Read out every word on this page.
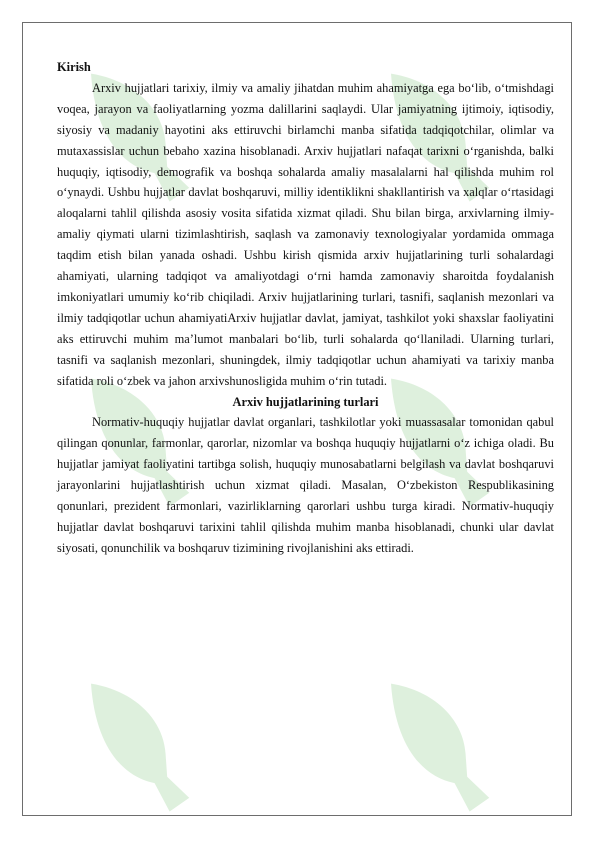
Kirish

Arxiv hujjatlari tarixiy, ilmiy va amaliy jihatdan muhim ahamiyatga ega bo‘lib, o‘tmishdagi voqea, jarayon va faoliyatlarning yozma dalillarini saqlaydi. Ular jamiyatning ijtimoiy, iqtisodiy, siyosiy va madaniy hayotini aks ettiruvchi birlamchi manba sifatida tadqiqotchilar, olimlar va mutaxassislar uchun bebaho xazina hisoblanadi. Arxiv hujjatlari nafaqat tarixni o‘rganishda, balki huquqiy, iqtisodiy, demografik va boshqa sohalarda amaliy masalalarni hal qilishda muhim rol o‘ynaydi. Ushbu hujjatlar davlat boshqaruvi, milliy identiklikni shakllantirish va xalqlar o‘rtasidagi aloqalarni tahlil qilishda asosiy vosita sifatida xizmat qiladi. Shu bilan birga, arxivlarning ilmiy-amaliy qiymati ularni tizimlashtirish, saqlash va zamonaviy texnologiyalar yordamida ommaga taqdim etish bilan yanada oshadi. Ushbu kirish qismida arxiv hujjatlarining turli sohalardagi ahamiyati, ularning tadqiqot va amaliyotdagi o‘rni hamda zamonaviy sharoitda foydalanish imkoniyatlari umumiy ko‘rib chiqiladi. Arxiv hujjatlarining turlari, tasnifi, saqlanish mezonlari va ilmiy tadqiqotlar uchun ahamiyatiArxiv hujjatlar davlat, jamiyat, tashkilot yoki shaxslar faoliyatini aks ettiruvchi muhim ma’lumot manbalari bo‘lib, turli sohalarda qo‘llaniladi. Ularning turlari, tasnifi va saqlanish mezonlari, shuningdek, ilmiy tadqiqotlar uchun ahamiyati va tarixiy manba sifatida roli o‘zbek va jahon arxivshunosligida muhim o‘rin tutadi.

Arxiv hujjatlarining turlari

Normativ-huquqiy hujjatlar davlat organlari, tashkilotlar yoki muassasalar tomonidan qabul qilingan qonunlar, farmonlar, qarorlar, nizomlar va boshqa huquqiy hujjatlarni o‘z ichiga oladi. Bu hujjatlar jamiyat faoliyatini tartibga solish, huquqiy munosabatlarni belgilash va davlat boshqaruvi jarayonlarini hujjatlashtirish uchun xizmat qiladi. Masalan, O‘zbekiston Respublikasining qonunlari, prezident farmonlari, vazirliklarning qarorlari ushbu turga kiradi. Normativ-huquqiy hujjatlar davlat boshqaruvi tarixini tahlil qilishda muhim manba hisoblanadi, chunki ular davlat siyosati, qonunchilik va boshqaruv tizimining rivojlanishini aks ettiradi.
